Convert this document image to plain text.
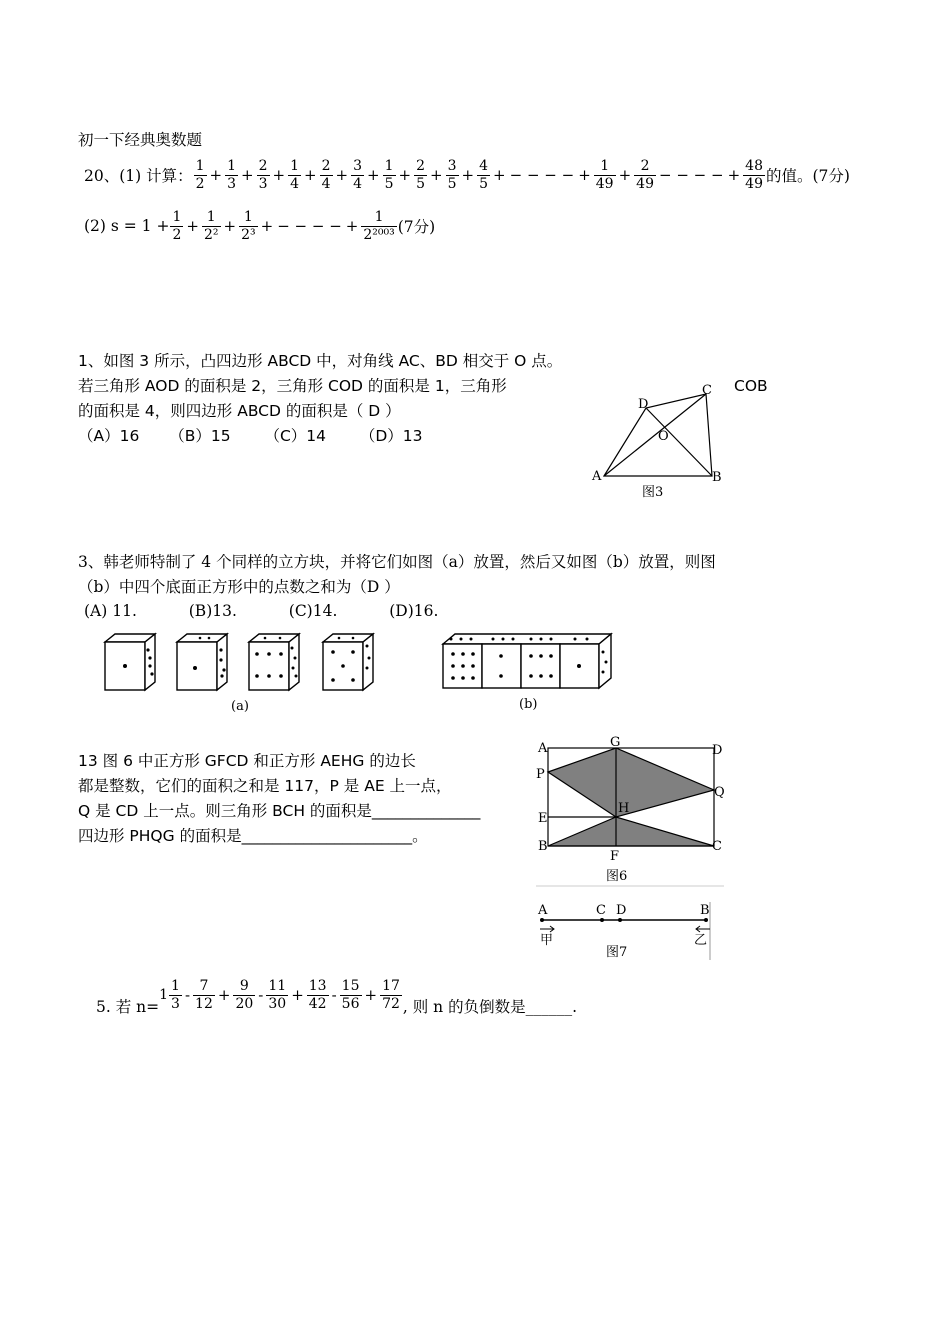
初一下经典奥数题
20、(1) 计算： $\frac{1}{2} + \frac{1}{3} + \frac{2}{3} + \frac{1}{4} + \frac{2}{4} + \frac{3}{4} + \frac{1}{5} + \frac{2}{5} + \frac{3}{5} + \frac{4}{5}$ + − − − − + $\frac{1}{49} + \frac{2}{49}$ − − − − + $\frac{48}{49}$ 的值。(7分)
(2) $s = 1 + \frac{1}{2} + \frac{1}{\text{2²}} + \frac{1}{\text{2³}}$ + − − − − + $\frac{1}{\text{2²⁰⁰³}} (7$分)
1、如图 3 所示，凸四边形 ABCD 中，对角线 AC、BD 相交于 O 点。
若三角形 AOD 的面积是 2，三角形 COD 的面积是 1，三角形	COB
的面积是 4，则四边形 ABCD 的面积是（ D ）
（A）16 （B）15 （C）14 （D）13
A	B
C
D
O
图3
3、韩老师特制了 4 个同样的立方块，并将它们如图（a）放置，然后又如图（b）放置，则图
（b）中四个底面正方形中的点数之和为（D ）
(A) 11.	(B)13.	(C)14.	(D)16.
(a)	(b)
13 图 6 中正方形 GFCD 和正方形 AEHG 的边长
都是整数，它们的面积之和是 117，P 是 AE 上一点，
Q 是 CD 上一点。则三角形 BCH 的面积是______________
四边形 PHQG 的面积是______________________。
A	G
D
P
Q
H
E
B
F
C
图6
A	C D	B
甲	乙
图7
5. 若 n=
$1 \frac{1}{3} - \frac{7}{12} + \frac{9}{20} - \frac{11}{30} + \frac{13}{42} - \frac{15}{56} + \frac{17}{72}$ , 则 n 的负倒数是______.
